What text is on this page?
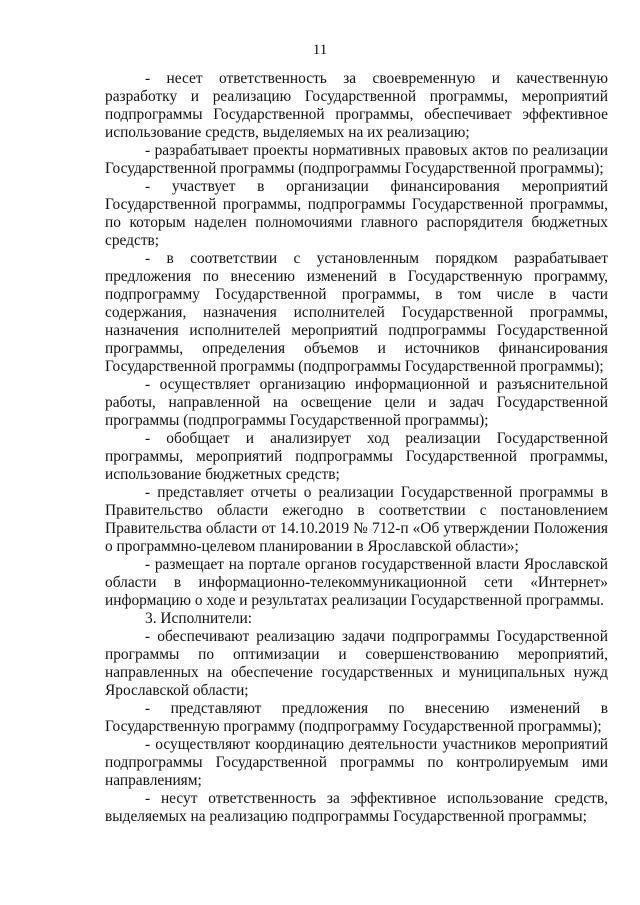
11

- несет ответственность за своевременную и качественную разработку и реализацию Государственной программы, мероприятий подпрограммы Государственной программы, обеспечивает эффективное использование средств, выделяемых на их реализацию;

- разрабатывает проекты нормативных правовых актов по реализации Государственной программы (подпрограммы Государственной программы);

- участвует в организации финансирования мероприятий Государственной программы, подпрограммы Государственной программы, по которым наделен полномочиями главного распорядителя бюджетных средств;

- в соответствии с установленным порядком разрабатывает предложения по внесению изменений в Государственную программу, подпрограмму Государственной программы, в том числе в части содержания, назначения исполнителей Государственной программы, назначения исполнителей мероприятий подпрограммы Государственной программы, определения объемов и источников финансирования Государственной программы (подпрограммы Государственной программы);

- осуществляет организацию информационной и разъяснительной работы, направленной на освещение цели и задач Государственной программы (подпрограммы Государственной программы);

- обобщает и анализирует ход реализации Государственной программы, мероприятий подпрограммы Государственной программы, использование бюджетных средств;

- представляет отчеты о реализации Государственной программы в Правительство области ежегодно в соответствии с постановлением Правительства области от 14.10.2019 № 712-п «Об утверждении Положения о программно-целевом планировании в Ярославской области»;

- размещает на портале органов государственной власти Ярославской области в информационно-телекоммуникационной сети «Интернет» информацию о ходе и результатах реализации Государственной программы.

3. Исполнители:

- обеспечивают реализацию задачи подпрограммы Государственной программы по оптимизации и совершенствованию мероприятий, направленных на обеспечение государственных и муниципальных нужд Ярославской области;

- представляют предложения по внесению изменений в Государственную программу (подпрограмму Государственной программы);

- осуществляют координацию деятельности участников мероприятий подпрограммы Государственной программы по контролируемым ими направлениям;

- несут ответственность за эффективное использование средств, выделяемых на реализацию подпрограммы Государственной программы;
